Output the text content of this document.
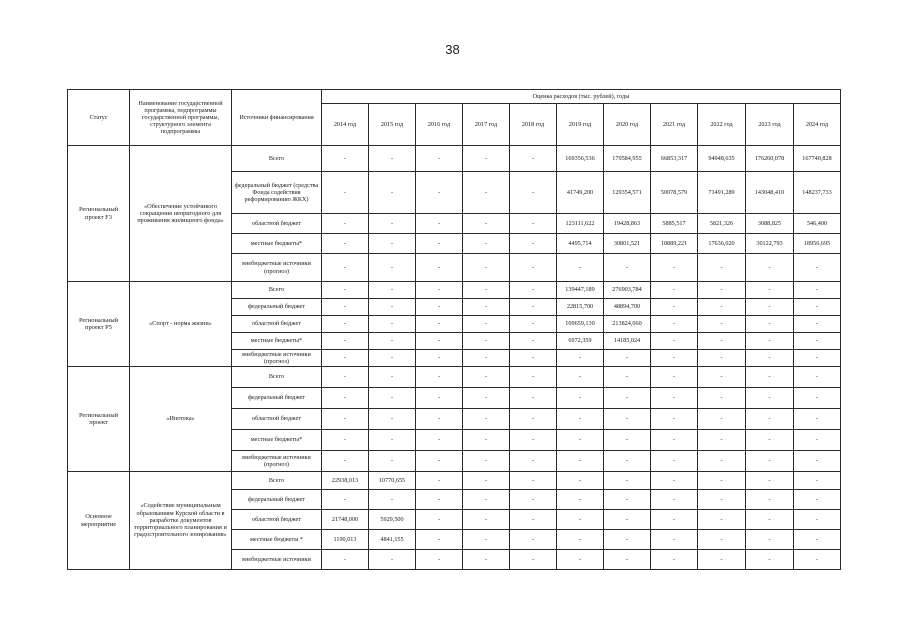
38
Статус	Наименование государственной программы, подпрограммы государственной программы, структурного элемента подпрограммы	Источники финансирования	Оценка расходов (тыс. рублей), годы										
			2014 год	2015 год	2016 год	2017 год	2018 год	2019 год	2020 год	2021 год	2022 год	2023 год	2024 год
Региональный проект F3	«Обеспечение устойчивого сокращения непригодного для проживания жилищного фонда»	Всего	-	-	-	-	-	169356,536	179584,955	66853,317	94948,635	176260,078	167740,828
		федеральный бюджет (средства Фонда содействия реформированию ЖКХ)	-	-	-	-	-	41749,200	129354,571	50078,579	71491,289	143048,410	148237,733
		областной бюджет	-	-	-	-	-	123111,622	19428,863	5885,517	5821,326	3088,825	546,400
		местные бюджеты*	-	-	-	-	-	4495,714	30801,521	10889,221	17636,020	30122,793	18956,695
		внебюджетные источники (прогноз)	-	-	-	-	-	-	-	-	-	-	-
Региональный проект P5	«Спорт - норма жизни»	Всего	-	-	-	-	-	139447,189	276903,784	-	-	-	-
		федеральный бюджет	-	-	-	-	-	22815,700	48894,700	-	-	-	-
		областной бюджет	-	-	-	-	-	109659,130	213824,060	-	-	-	-
		местные бюджеты*	-	-	-	-	-	6972,359	14185,024	-	-	-	-
		внебюджетные источники (прогноз)	-	-	-	-	-	-	-	-	-	-	-
Региональный проект	«Ипотека»	Всего	-	-	-	-	-	-	-	-	-	-	-
		федеральный бюджет	-	-	-	-	-	-	-	-	-	-	-
		областной бюджет	-	-	-	-	-	-	-	-	-	-	-
		местные бюджеты*	-	-	-	-	-	-	-	-	-	-	-
		внебюджетные источники (прогноз)	-	-	-	-	-	-	-	-	-	-	-
Основное мероприятие	«Содействие муниципальным образованиям Курской области в разработке документов территориального планирования и градостроительного зонирования»	Всего	22938,013	10770,655	-	-	-	-	-	-	-	-	-
		федеральный бюджет	-	-	-	-	-	-	-	-	-	-	-
		областной бюджет	21748,000	5929,500	-	-	-	-	-	-	-	-	-
		местные бюджеты *	1190,013	4841,155	-	-	-	-	-	-	-	-	-
		внебюджетные источники	-	-	-	-	-	-	-	-	-	-	-
